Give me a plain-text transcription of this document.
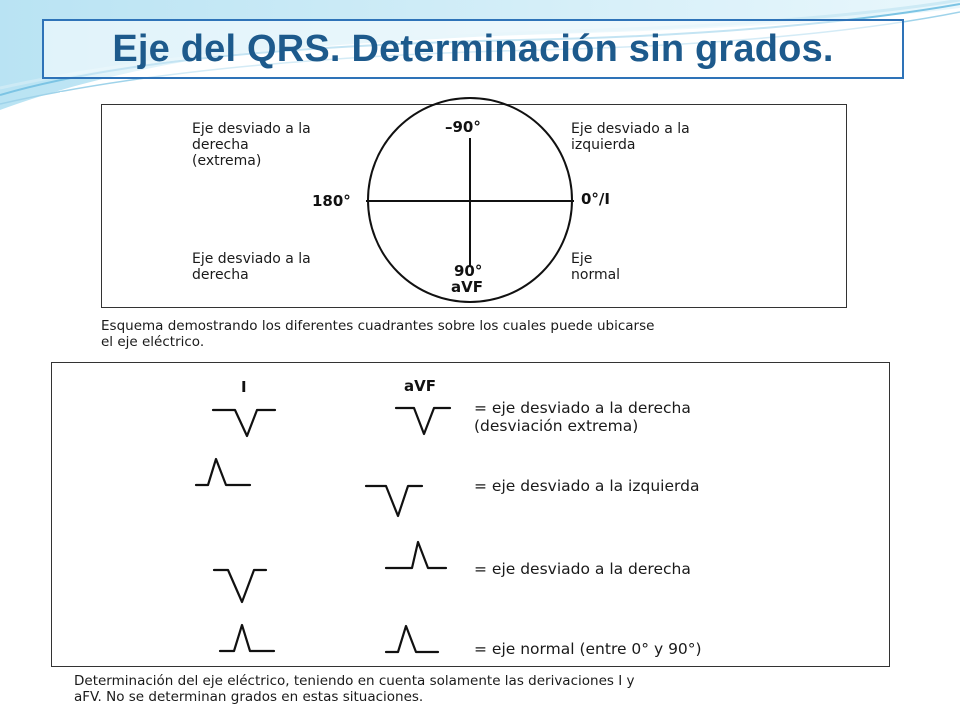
Eje del QRS. Determinación sin grados.
Eje desviado a la
derecha
(extrema)
Eje desviado a la
izquierda
Eje desviado a la
derecha
Eje
normal
–90°
180°	0°/I
90°
aVF
Esquema demostrando los diferentes cuadrantes sobre los cuales puede ubicarse
el eje eléctrico.
I	aVF
= eje desviado a la derecha
(desviación extrema)
= eje desviado a la izquierda
= eje desviado a la derecha
= eje normal (entre 0° y 90°)
Determinación del eje eléctrico, teniendo en cuenta solamente las derivaciones I y
aFV. No se determinan grados en estas situaciones.
